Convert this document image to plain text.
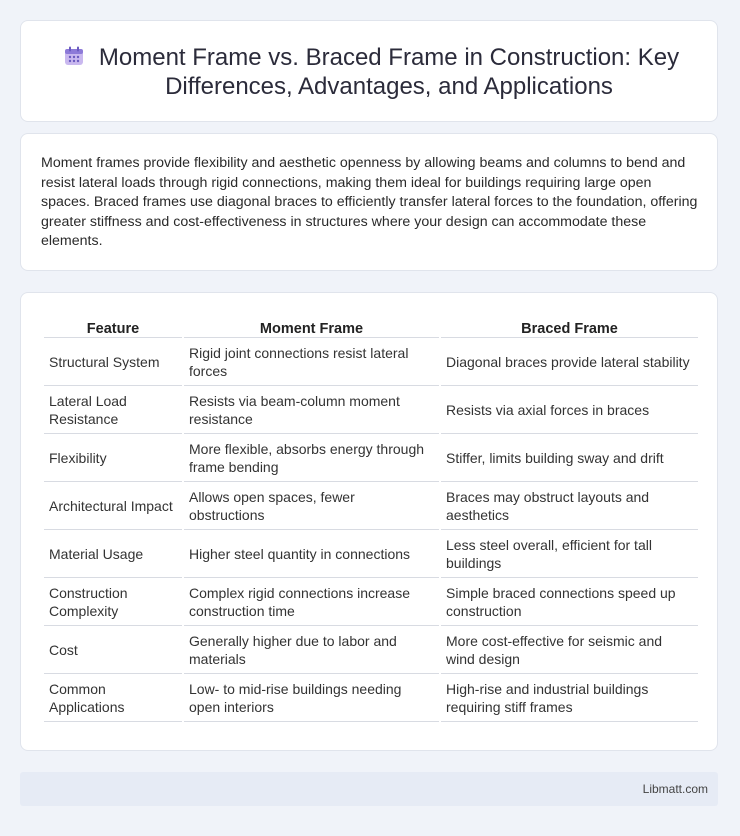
Moment Frame vs. Braced Frame in Construction: Key Differences, Advantages, and Applications
Moment frames provide flexibility and aesthetic openness by allowing beams and columns to bend and resist lateral loads through rigid connections, making them ideal for buildings requiring large open spaces. Braced frames use diagonal braces to efficiently transfer lateral forces to the foundation, offering greater stiffness and cost-effectiveness in structures where your design can accommodate these elements.
Feature	Moment Frame	Braced Frame
Structural System	Rigid joint connections resist lateral forces	Diagonal braces provide lateral stability
Lateral Load Resistance	Resists via beam-column moment resistance	Resists via axial forces in braces
Flexibility	More flexible, absorbs energy through frame bending	Stiffer, limits building sway and drift
Architectural Impact	Allows open spaces, fewer obstructions	Braces may obstruct layouts and aesthetics
Material Usage	Higher steel quantity in connections	Less steel overall, efficient for tall buildings
Construction Complexity	Complex rigid connections increase construction time	Simple braced connections speed up construction
Cost	Generally higher due to labor and materials	More cost-effective for seismic and wind design
Common Applications	Low- to mid-rise buildings needing open interiors	High-rise and industrial buildings requiring stiff frames
Libmatt.com
